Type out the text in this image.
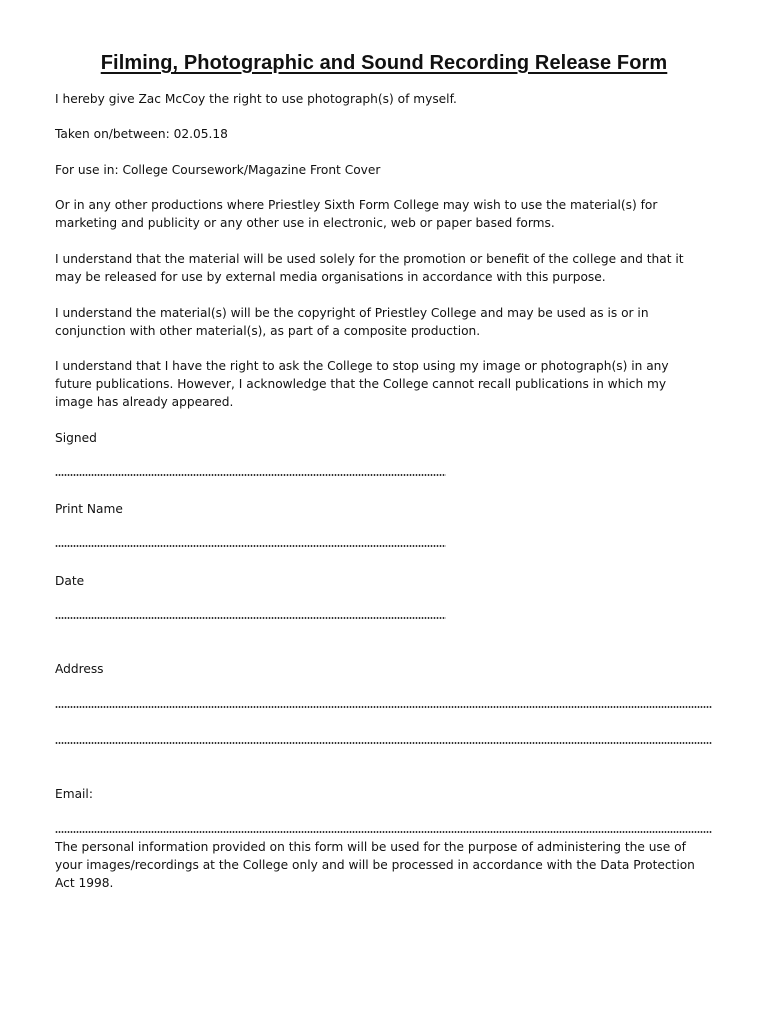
Filming, Photographic and Sound Recording Release Form
I hereby give Zac McCoy the right to use photograph(s) of myself.
Taken on/between: 02.05.18
For use in: College Coursework/Magazine Front Cover
Or in any other productions where Priestley Sixth Form College may wish to use the material(s) for
marketing and publicity or any other use in electronic, web or paper based forms.
I understand that the material will be used solely for the promotion or benefit of the college and that it
may be released for use by external media organisations in accordance with this purpose.
I understand the material(s) will be the copyright of Priestley College and may be used as is or in
conjunction with other material(s), as part of a composite production.
I understand that I have the right to ask the College to stop using my image or photograph(s) in any
future publications. However, I acknowledge that the College cannot recall publications in which my
image has already appeared.
Signed
Print Name
Date
Address
Email:
The personal information provided on this form will be used for the purpose of administering the use of
your images/recordings at the College only and will be processed in accordance with the Data Protection
Act 1998.
